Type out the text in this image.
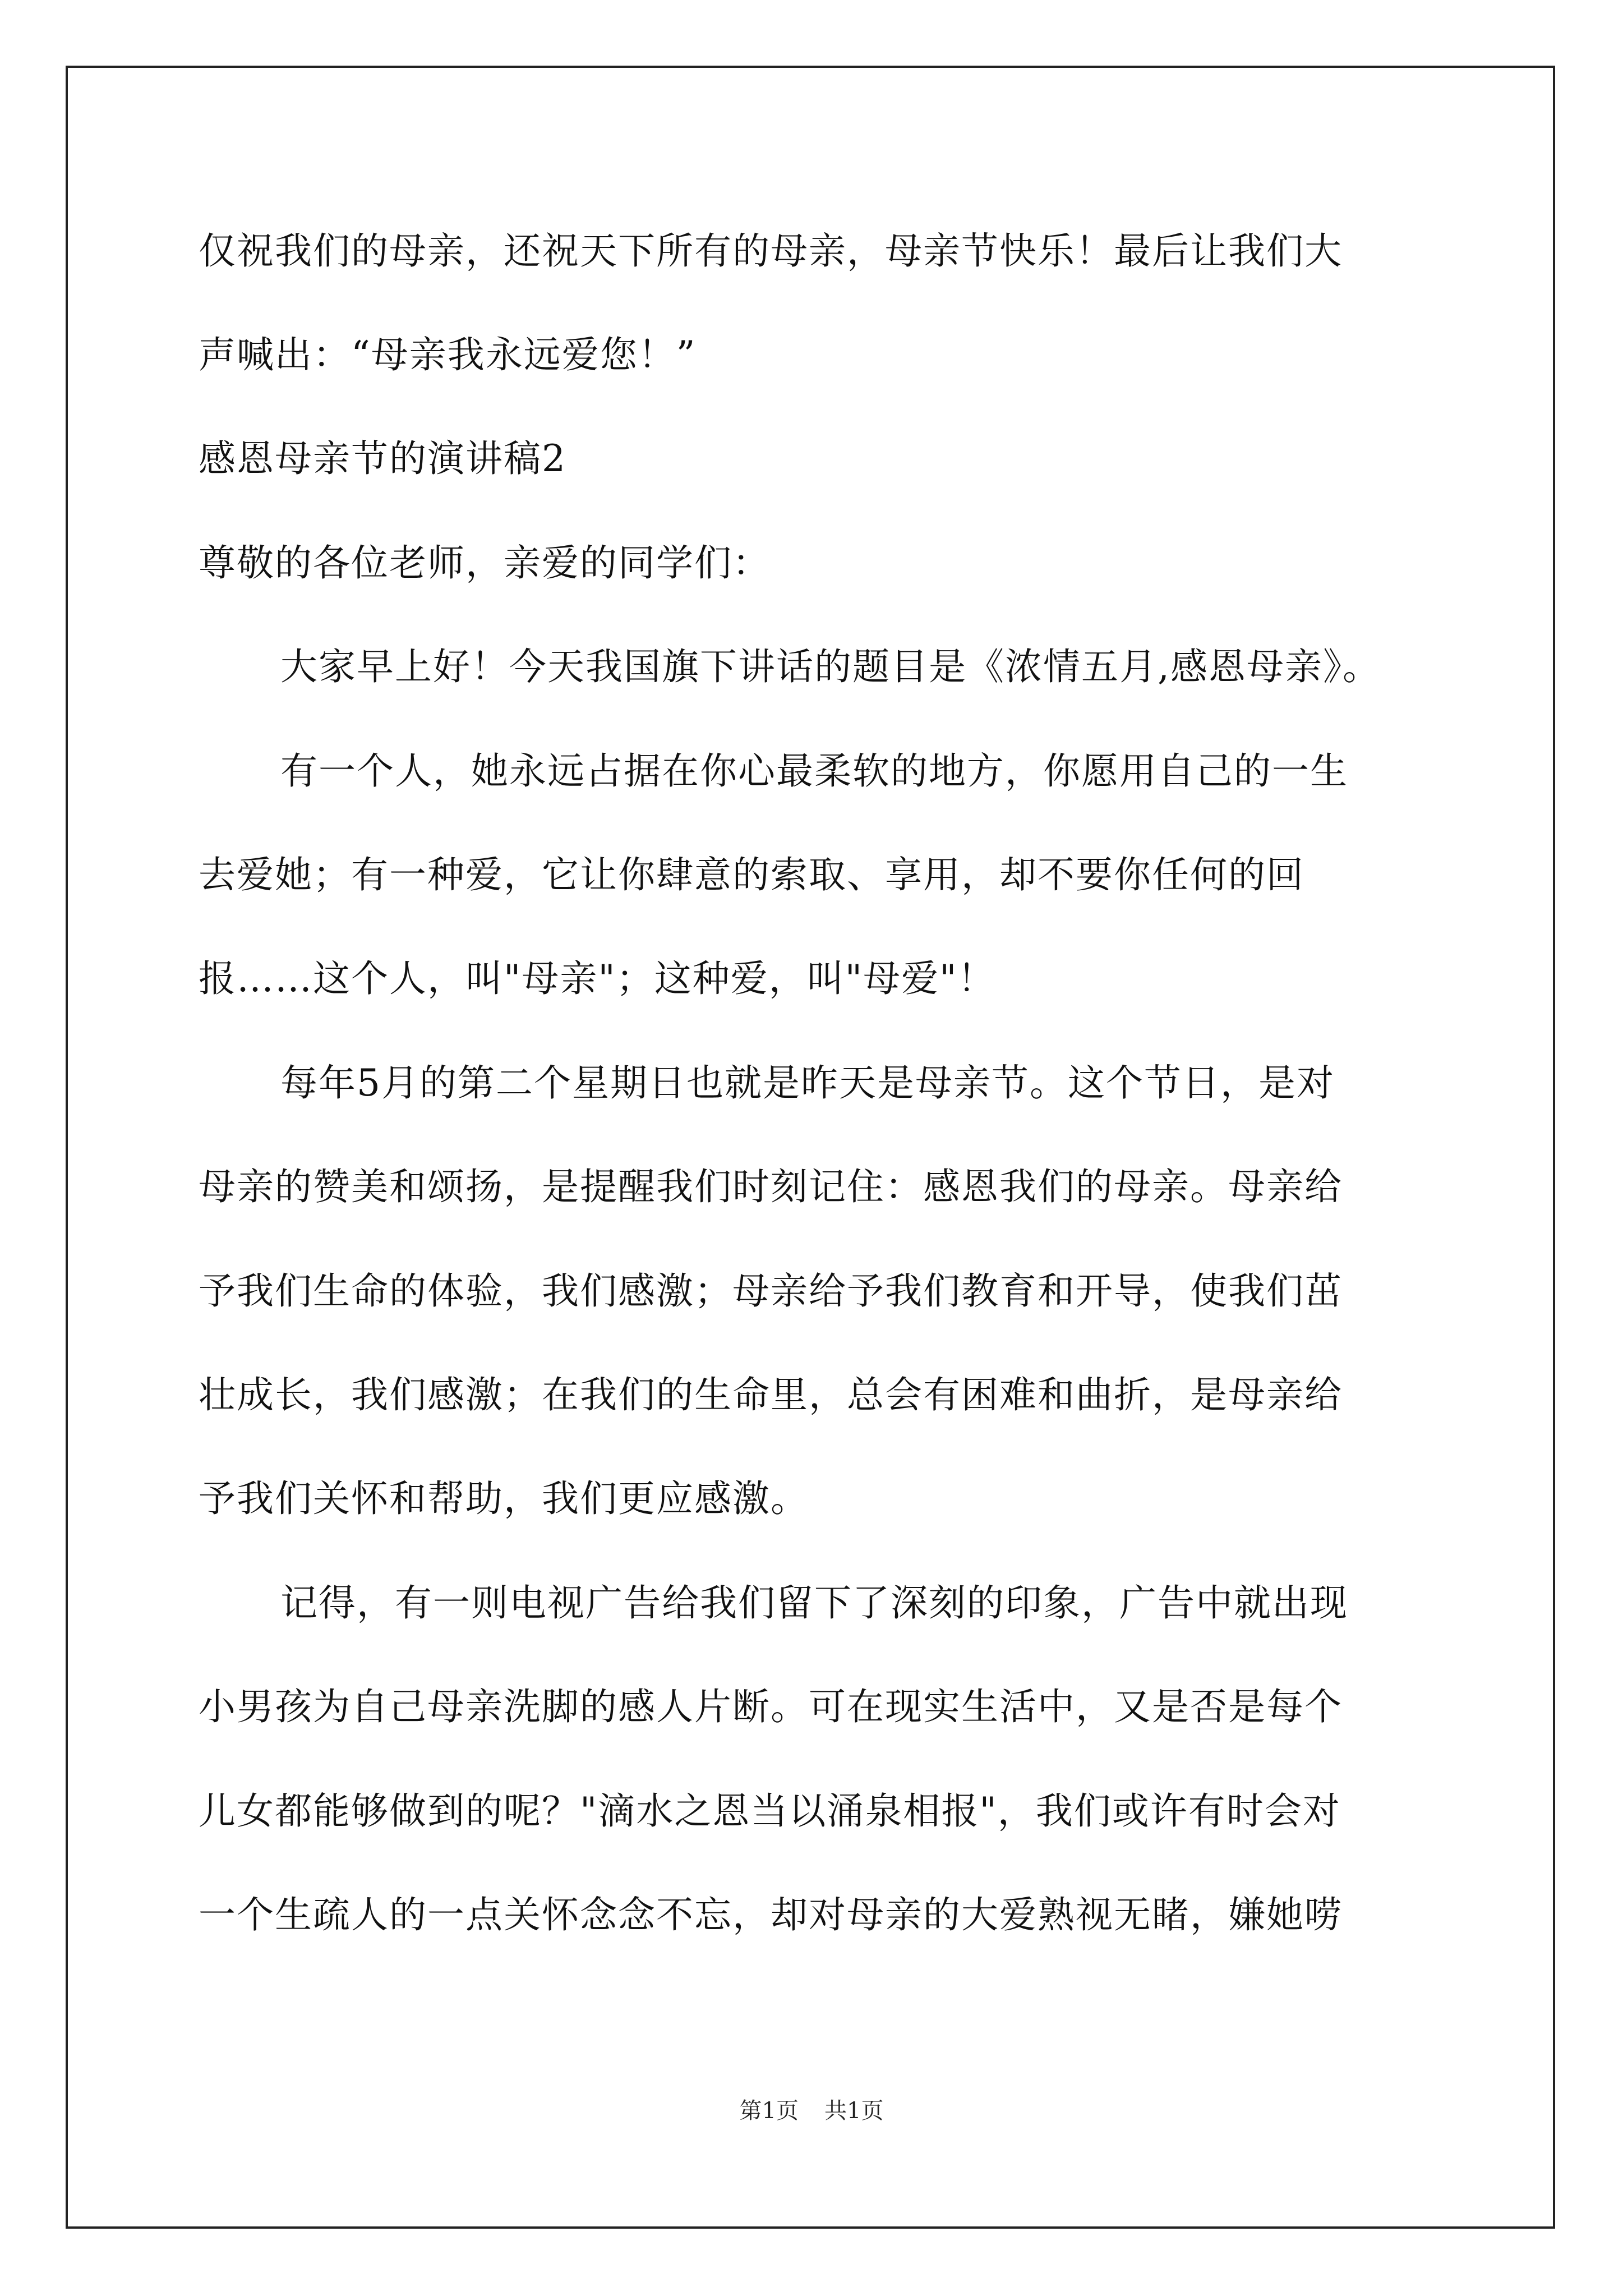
仅祝我们的母亲，还祝天下所有的母亲，母亲节快乐！最后让我们大
声喊出：“母亲我永远爱您！”
感恩母亲节的演讲稿2
尊敬的各位老师，亲爱的同学们：
大家早上好！今天我国旗下讲话的题目是《浓情五月,感恩母亲》。
有一个人，她永远占据在你心最柔软的地方，你愿用自己的一生
去爱她；有一种爱，它让你肆意的索取、享用，却不要你任何的回
报……这个人，叫"母亲"；这种爱，叫"母爱"！
每年5月的第二个星期日也就是昨天是母亲节。这个节日，是对
母亲的赞美和颂扬，是提醒我们时刻记住：感恩我们的母亲。母亲给
予我们生命的体验，我们感激；母亲给予我们教育和开导，使我们茁
壮成长，我们感激；在我们的生命里，总会有困难和曲折，是母亲给
予我们关怀和帮助，我们更应感激。
记得，有一则电视广告给我们留下了深刻的印象，广告中就出现
小男孩为自己母亲洗脚的感人片断。可在现实生活中，又是否是每个
儿女都能够做到的呢？"滴水之恩当以涌泉相报"，我们或许有时会对
一个生疏人的一点关怀念念不忘，却对母亲的大爱熟视无睹，嫌她唠
第1页 共1页
